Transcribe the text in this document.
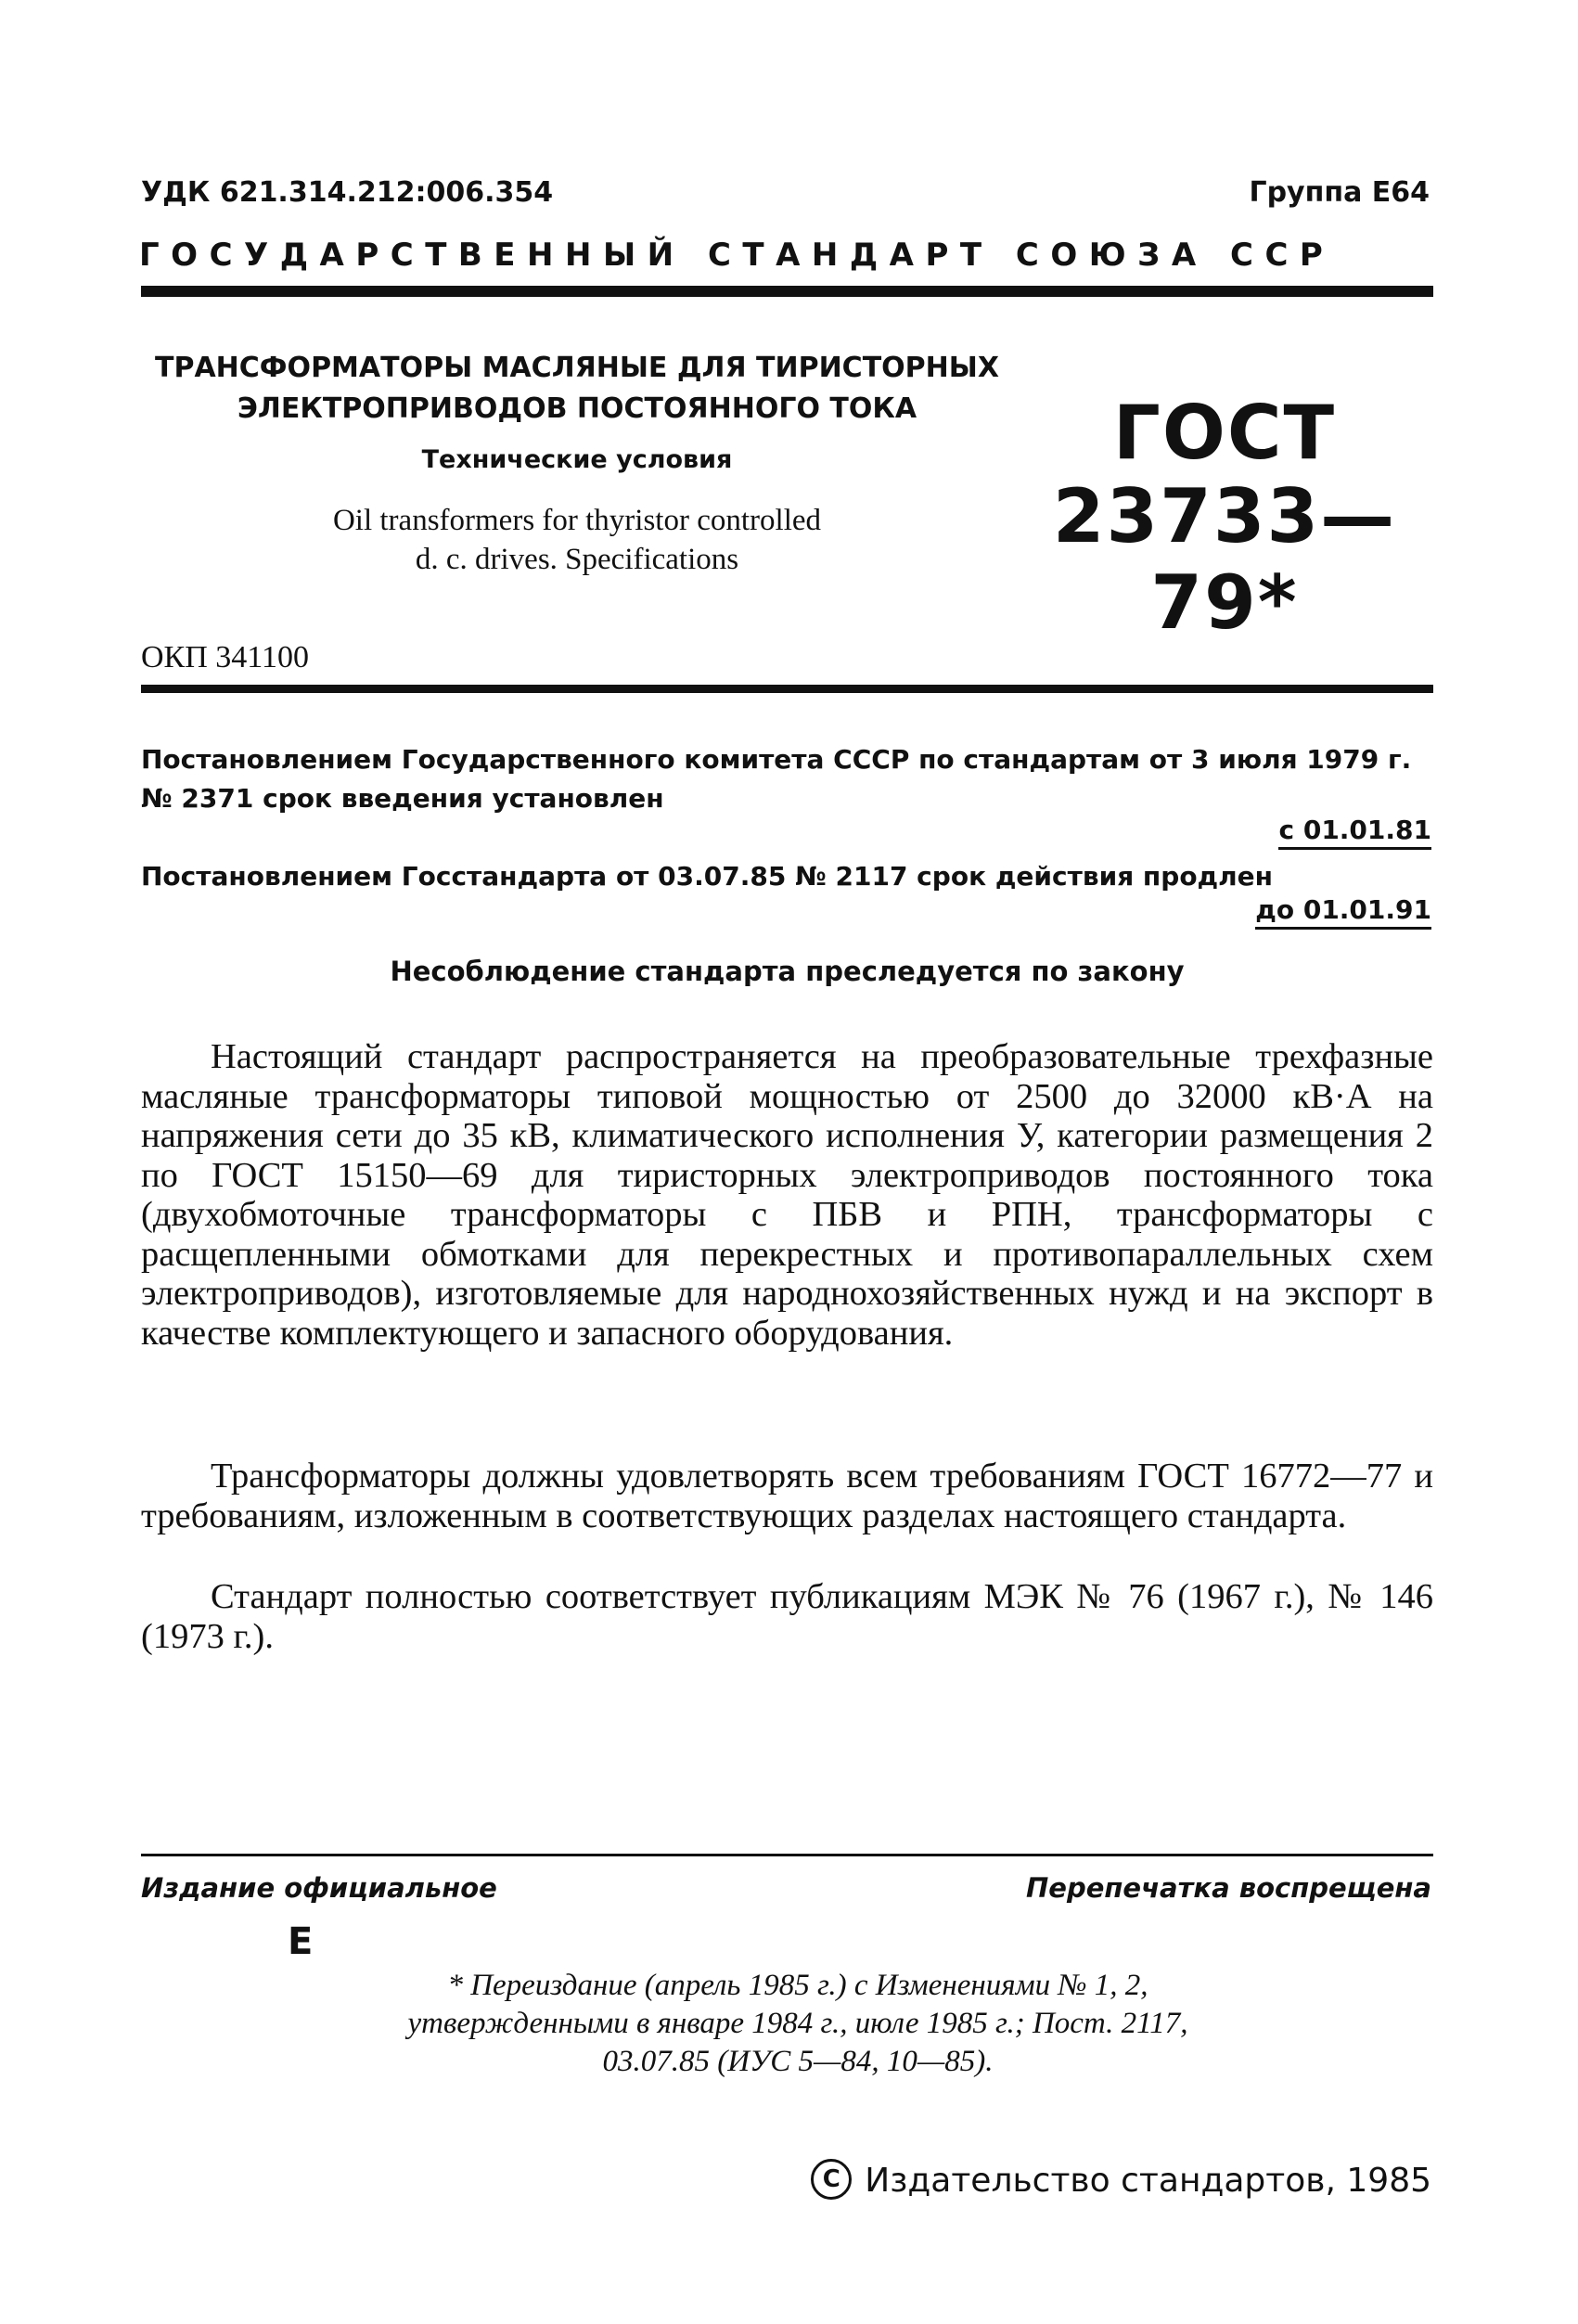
УДК 621.314.212:006.354	Группа Е64
ГОСУДАРСТВЕННЫЙ СТАНДАРТ СОЮЗА ССР
ТРАНСФОРМАТОРЫ МАСЛЯНЫЕ ДЛЯ ТИРИСТОРНЫХ
ЭЛЕКТРОПРИВОДОВ ПОСТОЯННОГО ТОКА
Технические условия
Oil transformers for thyristor controlled
d. c. drives. Specifications
ГОСТ
23733—79*
ОКП 341100
Постановлением Государственного комитета СССР по стандартам от 3 июля 1979 г. № 2371 срок введения установлен
с 01.01.81
Постановлением Госстандарта от 03.07.85 № 2117 срок действия продлен
до 01.01.91
Несоблюдение стандарта преследуется по закону

Настоящий стандарт распространяется на преобразовательные трехфазные масляные трансформаторы типовой мощностью от 2500 до 32000 кВ·А на напряжения сети до 35 кВ, климатического исполнения У, категории размещения 2 по ГОСТ 15150—69 для тиристорных электроприводов постоянного тока (двухобмоточные трансформаторы с ПБВ и РПН, трансформаторы с расщепленными обмотками для перекрестных и противопараллельных схем электроприводов), изготовляемые для народнохозяйственных нужд и на экспорт в качестве комплектующего и запасного оборудования.

Трансформаторы должны удовлетворять всем требованиям ГОСТ 16772—77 и требованиям, изложенным в соответствующих разделах настоящего стандарта.

Стандарт полностью соответствует публикациям МЭК № 76 (1967 г.), № 146 (1973 г.).

Издание официальное	Перепечатка воспрещена
Е
* Переиздание (апрель 1985 г.) с Изменениями № 1, 2,
утвержденными в январе 1984 г., июле 1985 г.; Пост. 2117,
03.07.85 (ИУС 5—84, 10—85).
C Издательство стандартов, 1985
